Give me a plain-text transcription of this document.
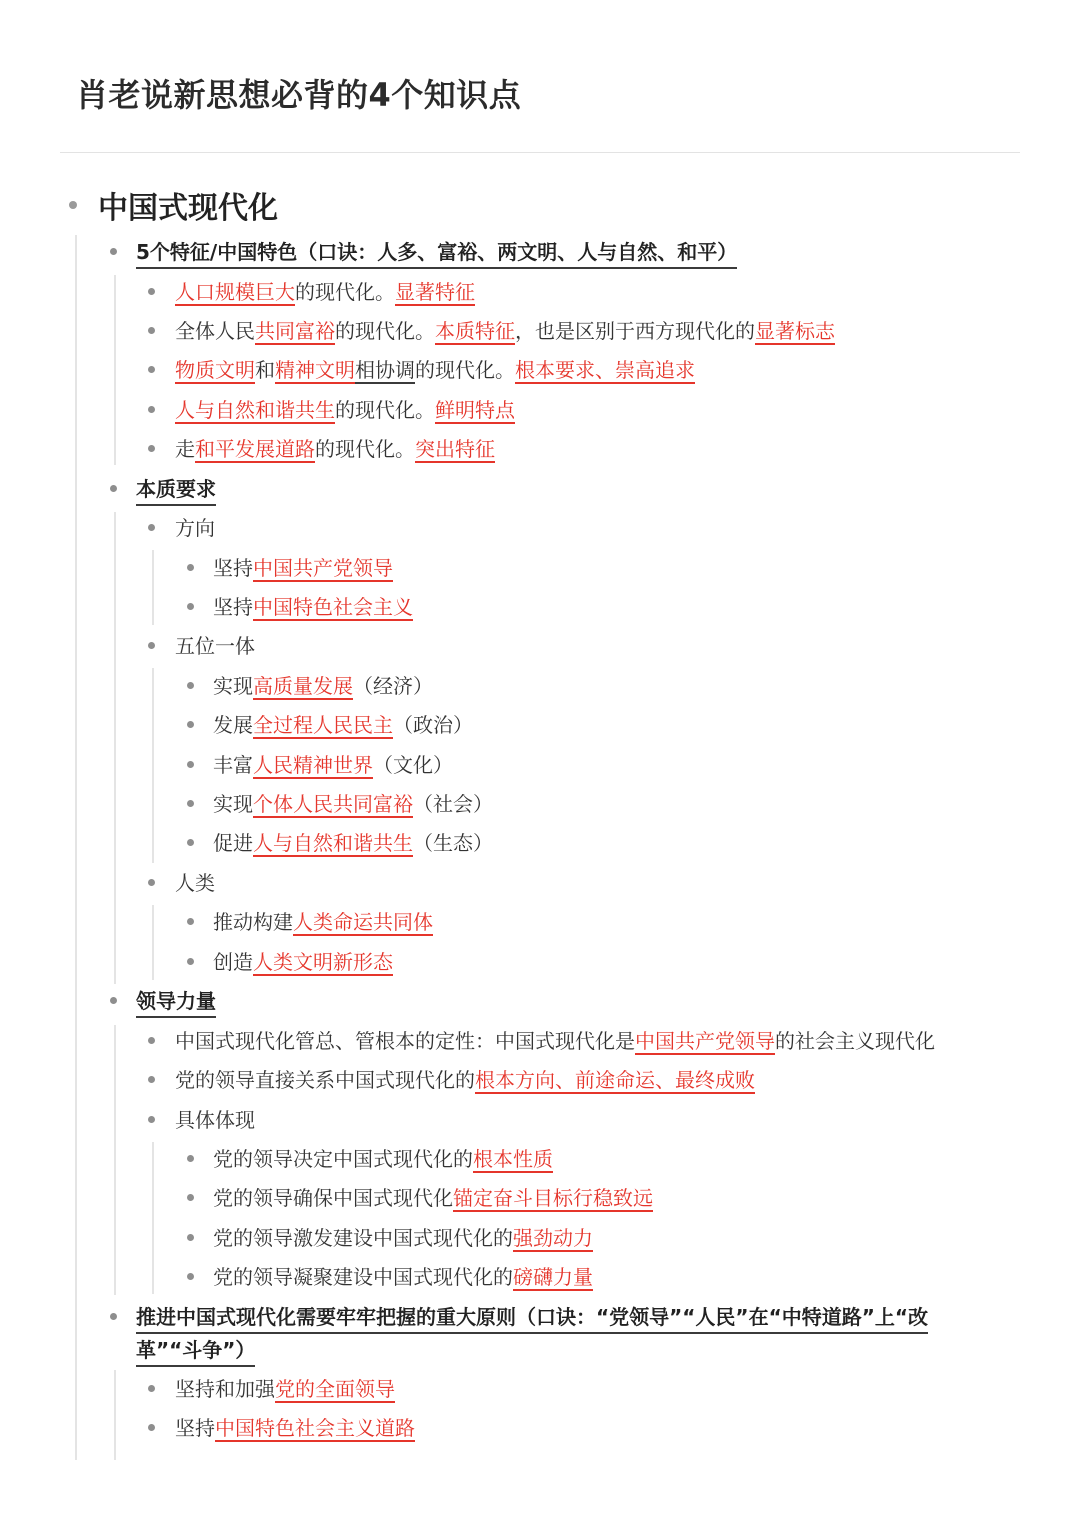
肖老说新思想必背的4个知识点
中国式现代化
5个特征/中国特色（口诀：人多、富裕、两文明、人与自然、和平）
人口规模巨大的现代化。显著特征
全体人民共同富裕的现代化。本质特征，也是区别于西方现代化的显著标志
物质文明和精神文明相协调的现代化。根本要求、崇高追求
人与自然和谐共生的现代化。鲜明特点
走和平发展道路的现代化。突出特征
本质要求
方向
坚持中国共产党领导
坚持中国特色社会主义
五位一体
实现高质量发展（经济）
发展全过程人民民主（政治）
丰富人民精神世界（文化）
实现个体人民共同富裕（社会）
促进人与自然和谐共生（生态）
人类
推动构建人类命运共同体
创造人类文明新形态
领导力量
中国式现代化管总、管根本的定性：中国式现代化是中国共产党领导的社会主义现代化
党的领导直接关系中国式现代化的根本方向、前途命运、最终成败
具体体现
党的领导决定中国式现代化的根本性质
党的领导确保中国式现代化锚定奋斗目标行稳致远
党的领导激发建设中国式现代化的强劲动力
党的领导凝聚建设中国式现代化的磅礴力量
推进中国式现代化需要牢牢把握的重大原则（口诀：“党领导”“人民”在“中特道路”上“改
革”“斗争”）
坚持和加强党的全面领导
坚持中国特色社会主义道路
